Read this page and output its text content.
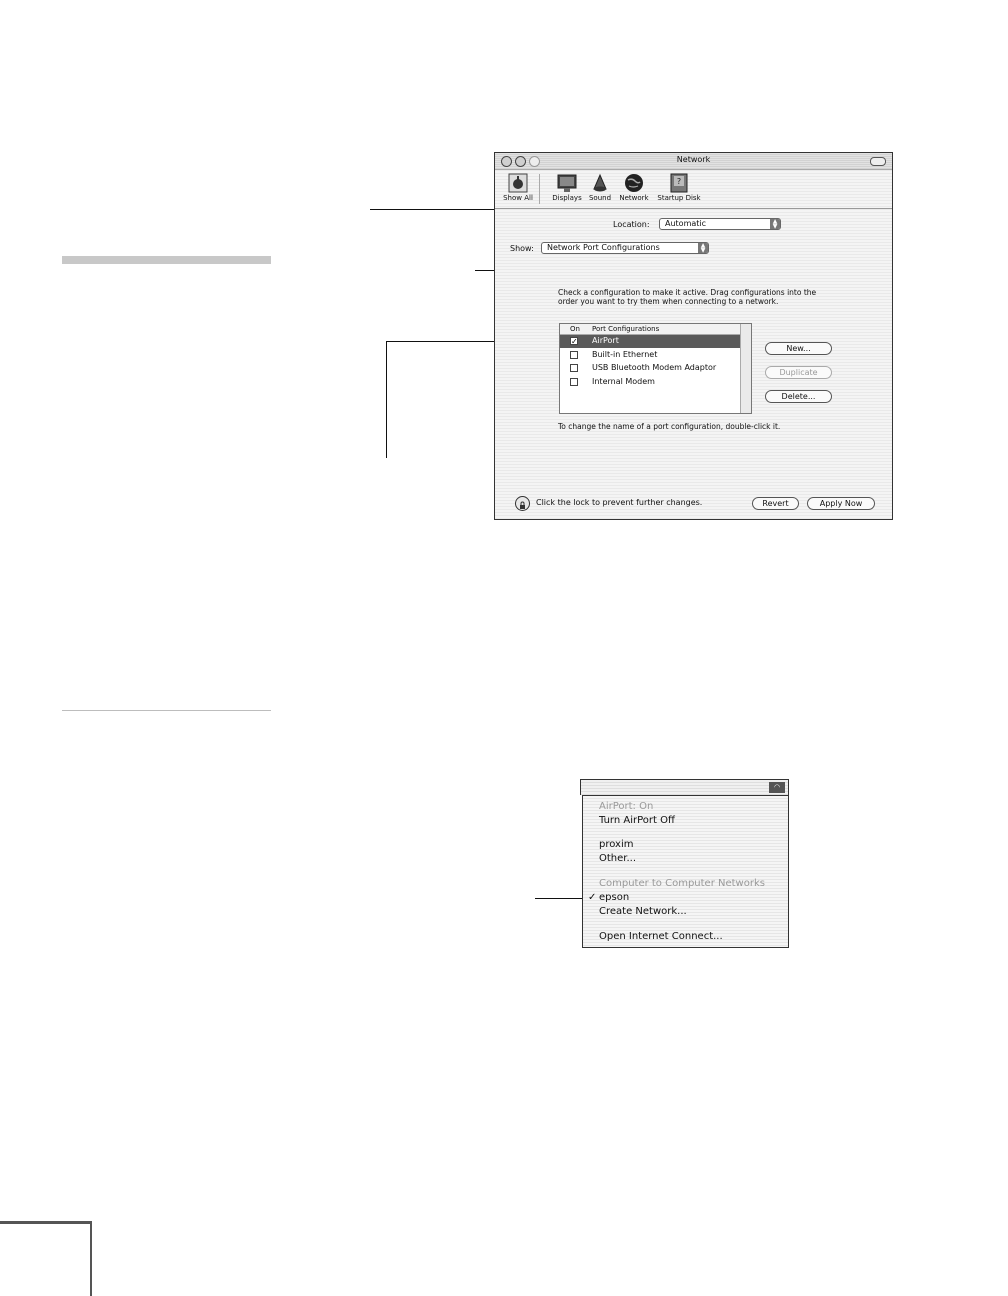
Network
Show All	Displays	Sound	Network
?
Startup Disk
Location:	Automatic	▲
▼
Show:	Network Port Configurations	▲
▼
Check a configuration to make it active. Drag configurations into the
order you want to try them when connecting to a network.
On Port Configurations
✓ AirPort
Built-in Ethernet
USB Bluetooth Modem Adaptor
Internal Modem
New...
Duplicate
Delete...
To change the name of a port configuration, double-click it.
Click the lock to prevent further changes.	Revert	Apply Now
◠
AirPort: On
Turn AirPort Off
proxim
Other...
Computer to Computer Networks
✓ epson
Create Network...
Open Internet Connect...
